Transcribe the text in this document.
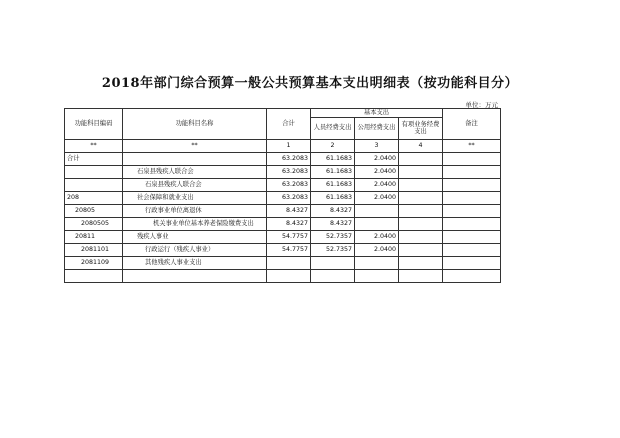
2018年部门综合预算一般公共预算基本支出明细表（按功能科目分）
单位：万元
功能科目编码	功能科目名称	合计	基本支出			备注
			人员经费支出	公用经费支出	有项业务经费支出	
**	**	1	2	3	4	**
合计		63.2083	61.1683	2.0400		
	石泉县残疾人联合会	63.2083	61.1683	2.0400		
	石泉县残疾人联合会	63.2083	61.1683	2.0400		
208	社会保障和就业支出	63.2083	61.1683	2.0400		
20805	行政事业单位离退休	8.4327	8.4327			
2080505	机关事业单位基本养老保险缴费支出	8.4327	8.4327			
20811	残疾人事业	54.7757	52.7357	2.0400		
2081101	行政运行（残疾人事业）	54.7757	52.7357	2.0400		
2081109	其他残疾人事业支出					
